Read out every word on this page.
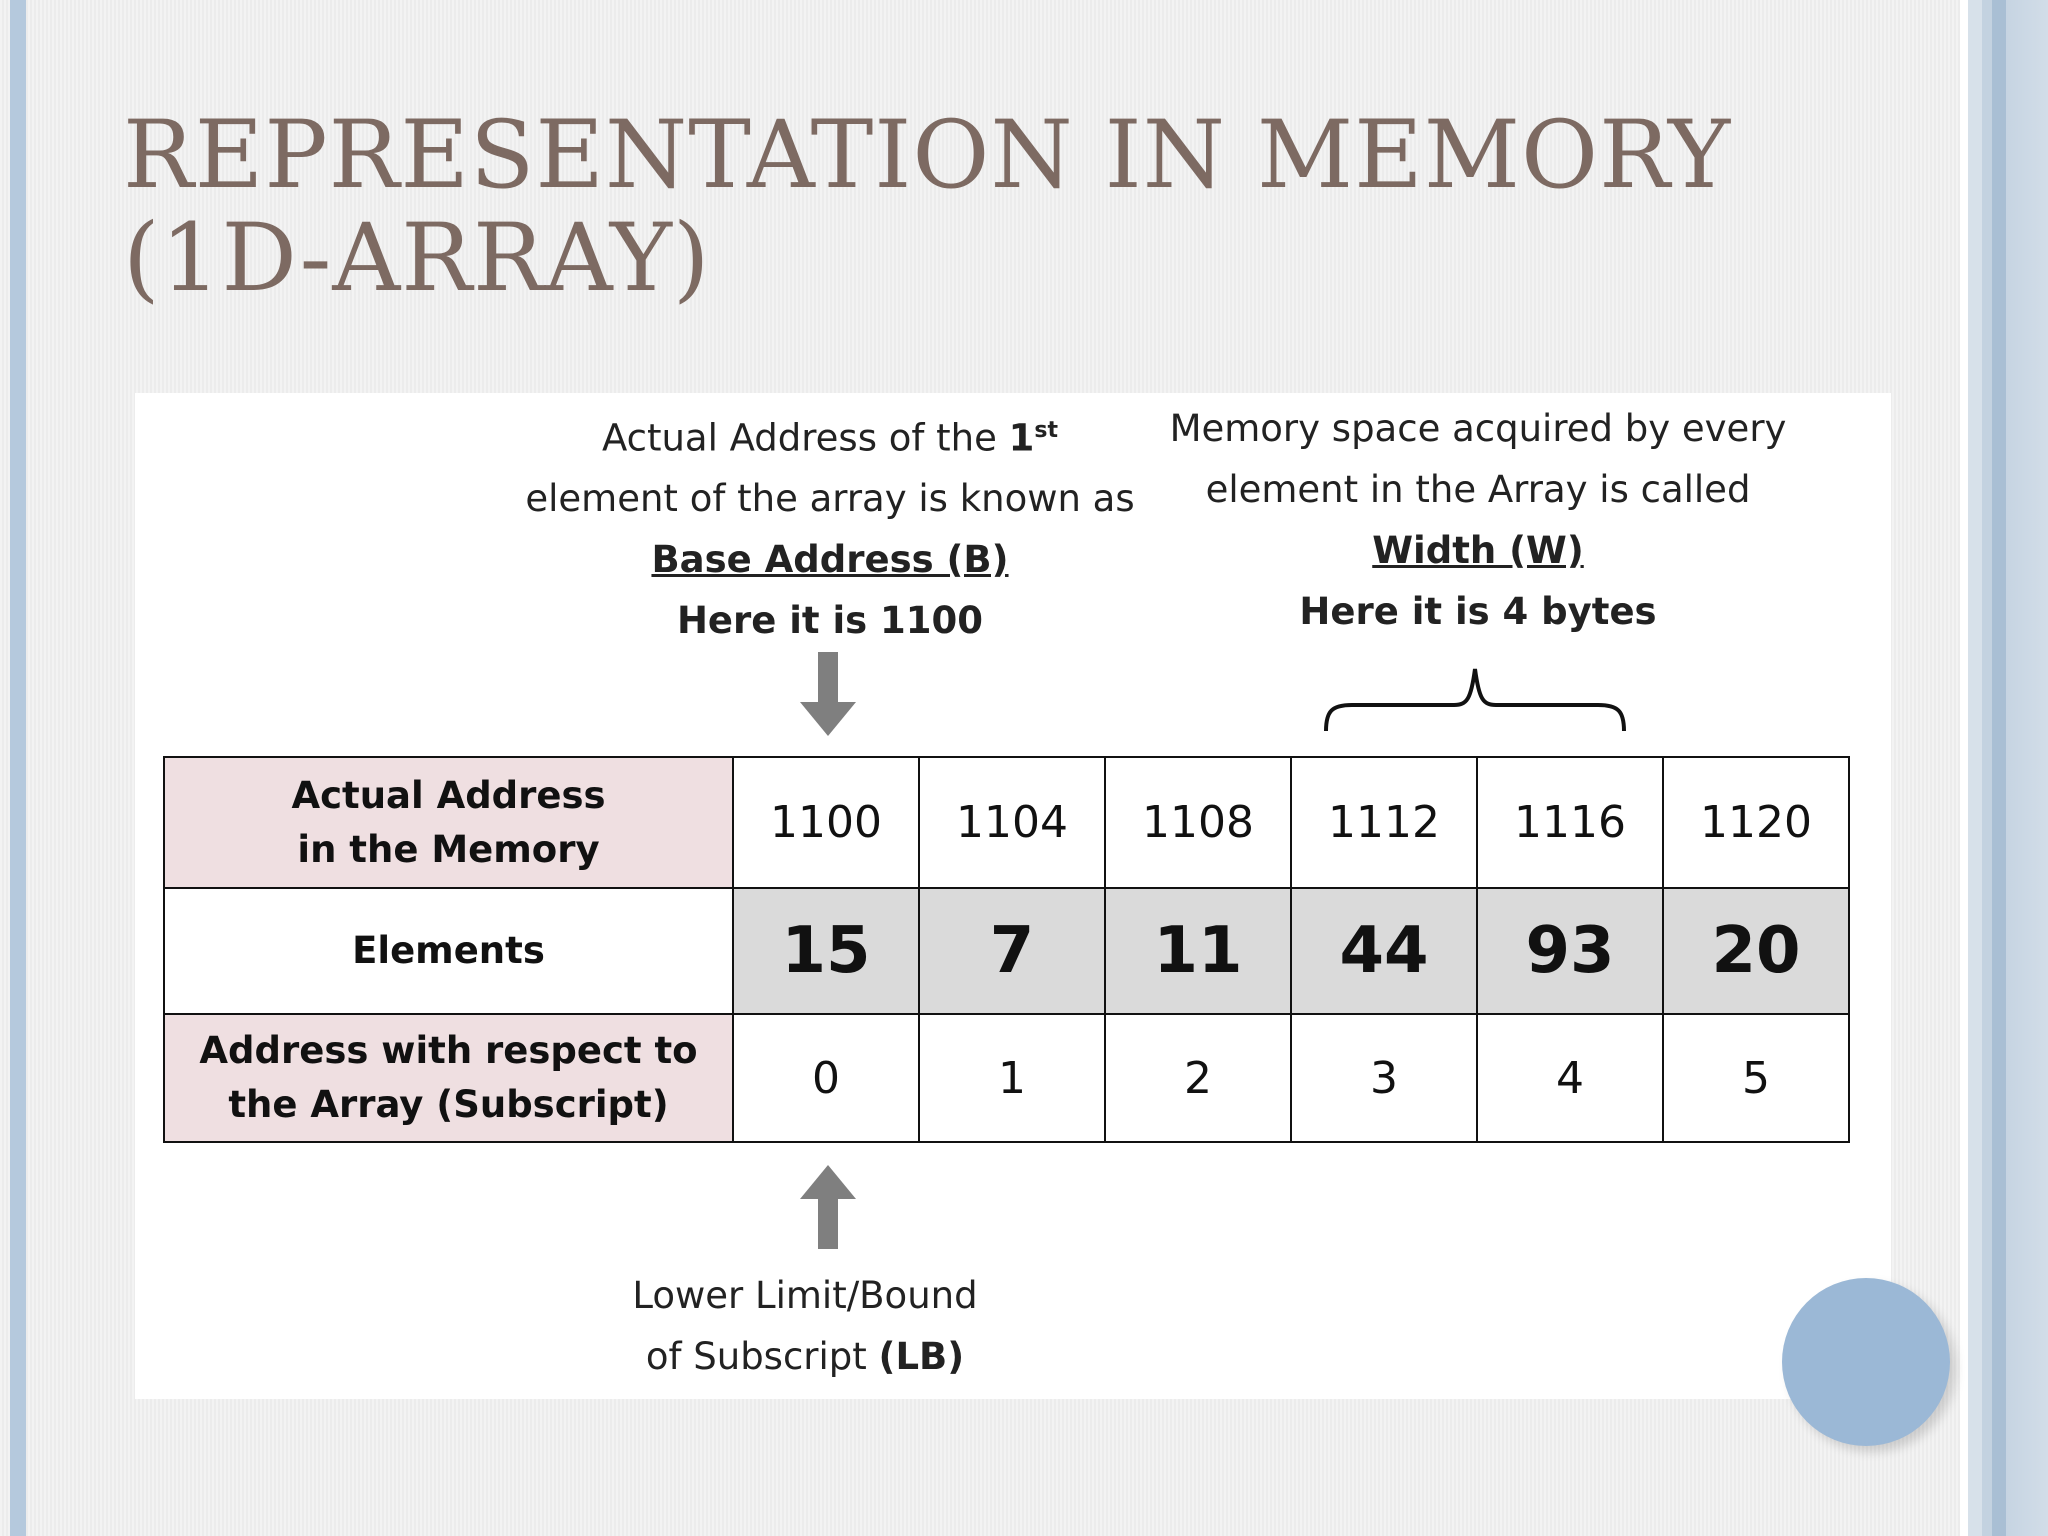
REPRESENTATION IN MEMORY (1D-ARRAY)
Actual Address of the 1st
element of the array is known as
Base Address (B)
Here it is 1100
Memory space acquired by every
element in the Array is called
Width (W)
Here it is 4 bytes
Actual Address
in the Memory	1100	1104	1108	1112	1116	1120
Elements	15	7	11	44	93	20

Address with respect to
the Array (Subscript)	0	1	2	3	4	5
Lower Limit/Bound
of Subscript (LB)
